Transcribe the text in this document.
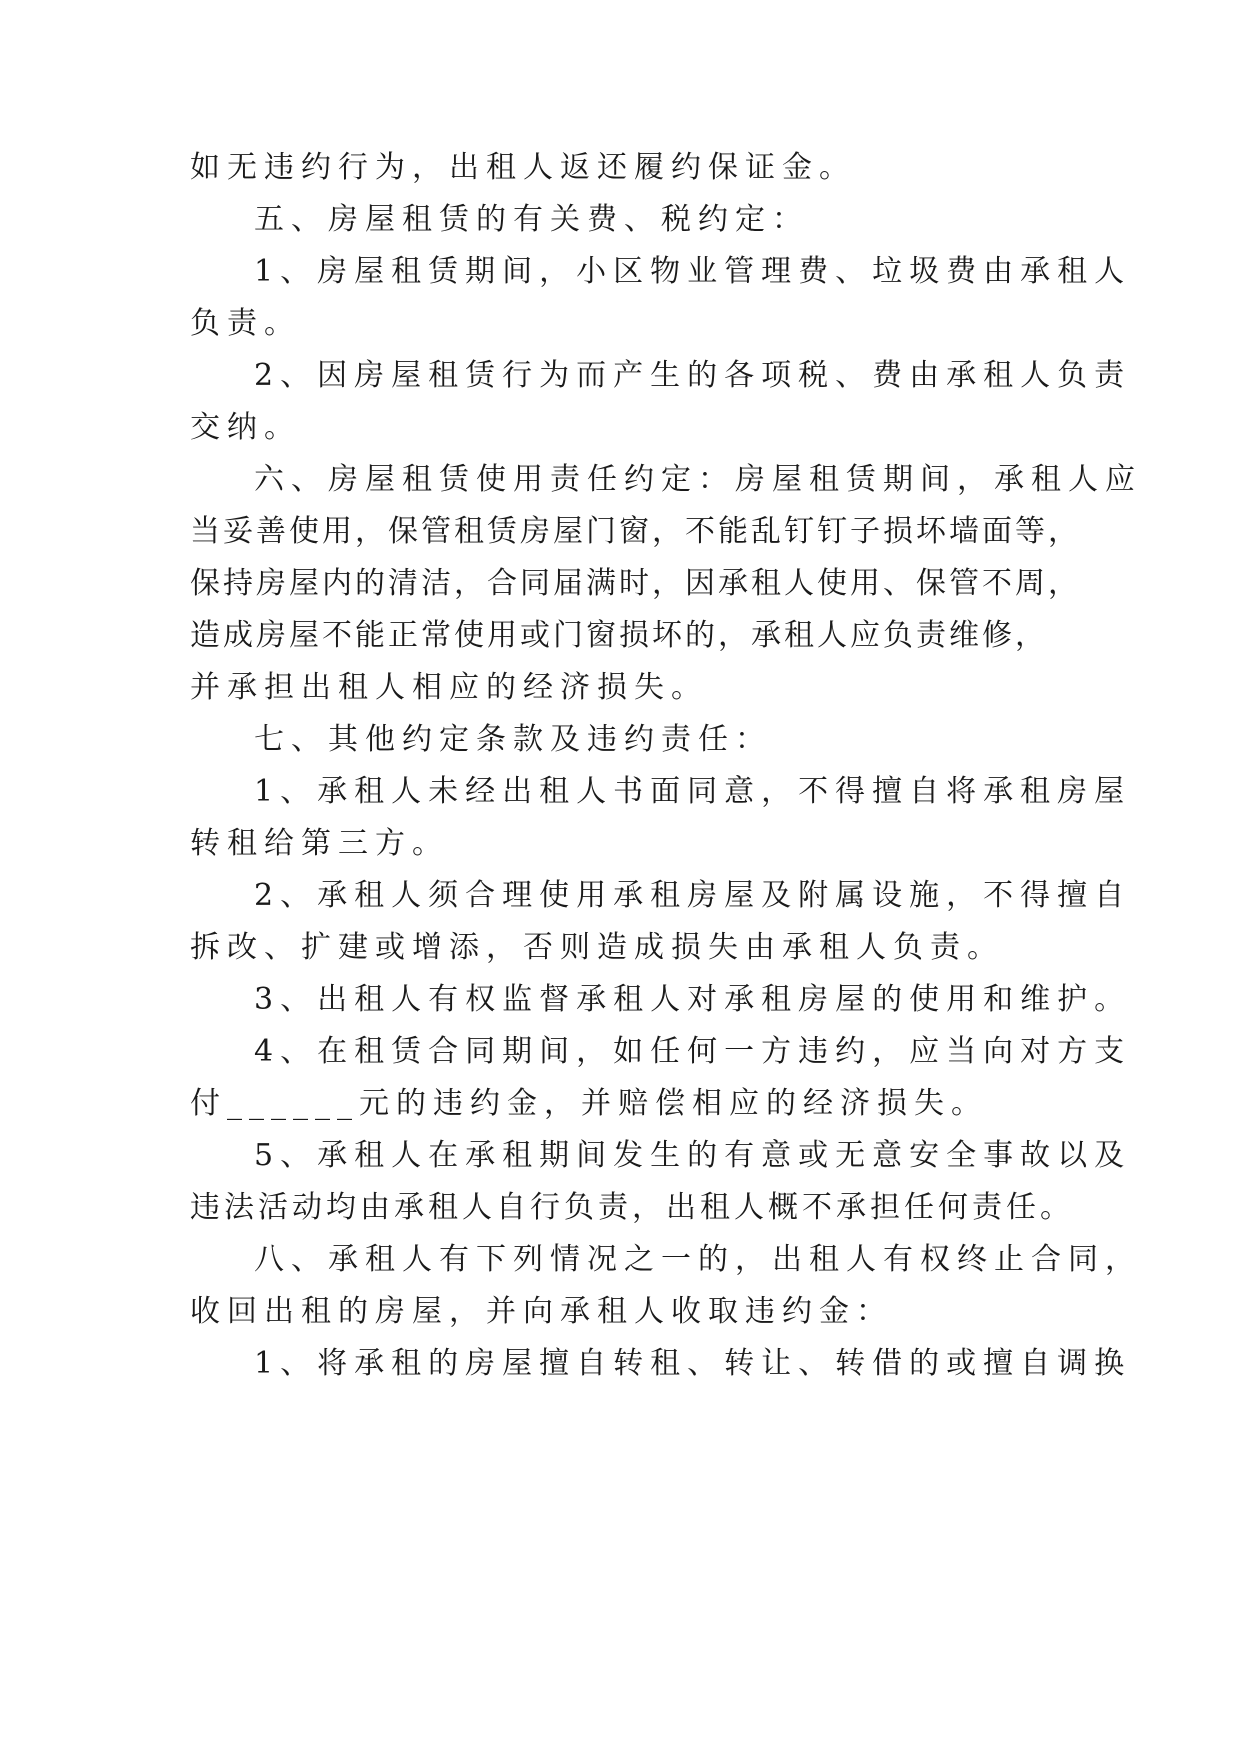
如无违约行为，出租人返还履约保证金。
五、房屋租赁的有关费、税约定：
1、房屋租赁期间，小区物业管理费、垃圾费由承租人
负责。
2、因房屋租赁行为而产生的各项税、费由承租人负责
交纳。
六、房屋租赁使用责任约定：房屋租赁期间，承租人应
当妥善使用，保管租赁房屋门窗，不能乱钉钉子损坏墙面等，
保持房屋内的清洁，合同届满时，因承租人使用、保管不周，
造成房屋不能正常使用或门窗损坏的，承租人应负责维修，
并承担出租人相应的经济损失。
七、其他约定条款及违约责任：
1、承租人未经出租人书面同意，不得擅自将承租房屋
转租给第三方。
2、承租人须合理使用承租房屋及附属设施，不得擅自
拆改、扩建或增添，否则造成损失由承租人负责。
3、出租人有权监督承租人对承租房屋的使用和维护。
4、在租赁合同期间，如任何一方违约，应当向对方支
付______元的违约金，并赔偿相应的经济损失。
5、承租人在承租期间发生的有意或无意安全事故以及
违法活动均由承租人自行负责，出租人概不承担任何责任。
八、承租人有下列情况之一的，出租人有权终止合同，
收回出租的房屋，并向承租人收取违约金：
1、将承租的房屋擅自转租、转让、转借的或擅自调换
